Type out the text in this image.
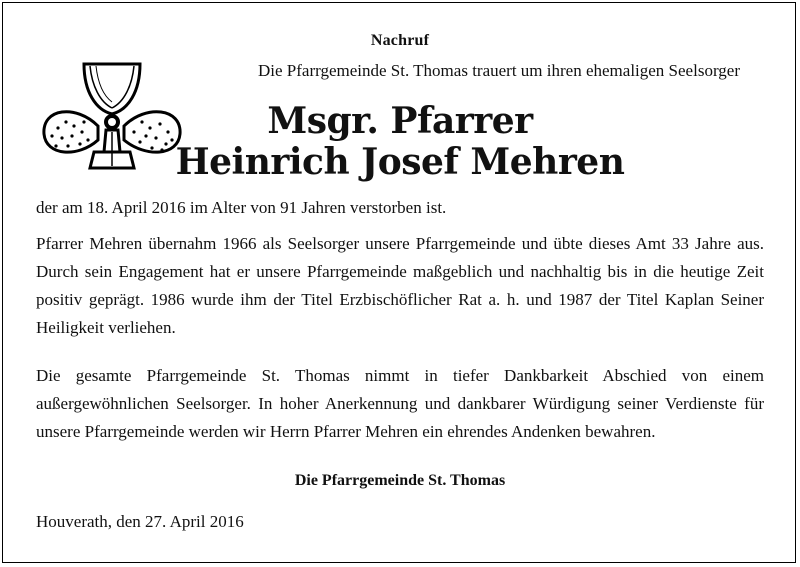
Nachruf
Die Pfarrgemeinde St. Thomas trauert um ihren ehemaligen Seelsorger
Msgr. Pfarrer
Heinrich Josef Mehren
der am 18. April 2016 im Alter von 91 Jahren verstorben ist.
Pfarrer Mehren übernahm 1966 als Seelsorger unsere Pfarrgemeinde und übte dieses Amt 33 Jahre aus. Durch sein Engagement hat er unsere Pfarrgemeinde maßgeblich und nachhaltig bis in die heutige Zeit positiv geprägt. 1986 wurde ihm der Titel Erzbischöflicher Rat a. h. und 1987 der Titel Kaplan Seiner Heiligkeit verliehen.
Die gesamte Pfarrgemeinde St. Thomas nimmt in tiefer Dankbarkeit Abschied von einem außergewöhnlichen Seelsorger. In hoher Anerkennung und dankbarer Würdigung seiner Verdienste für unsere Pfarrgemeinde werden wir Herrn Pfarrer Mehren ein ehrendes Andenken bewahren.
Die Pfarrgemeinde St. Thomas
Houverath, den 27. April 2016
